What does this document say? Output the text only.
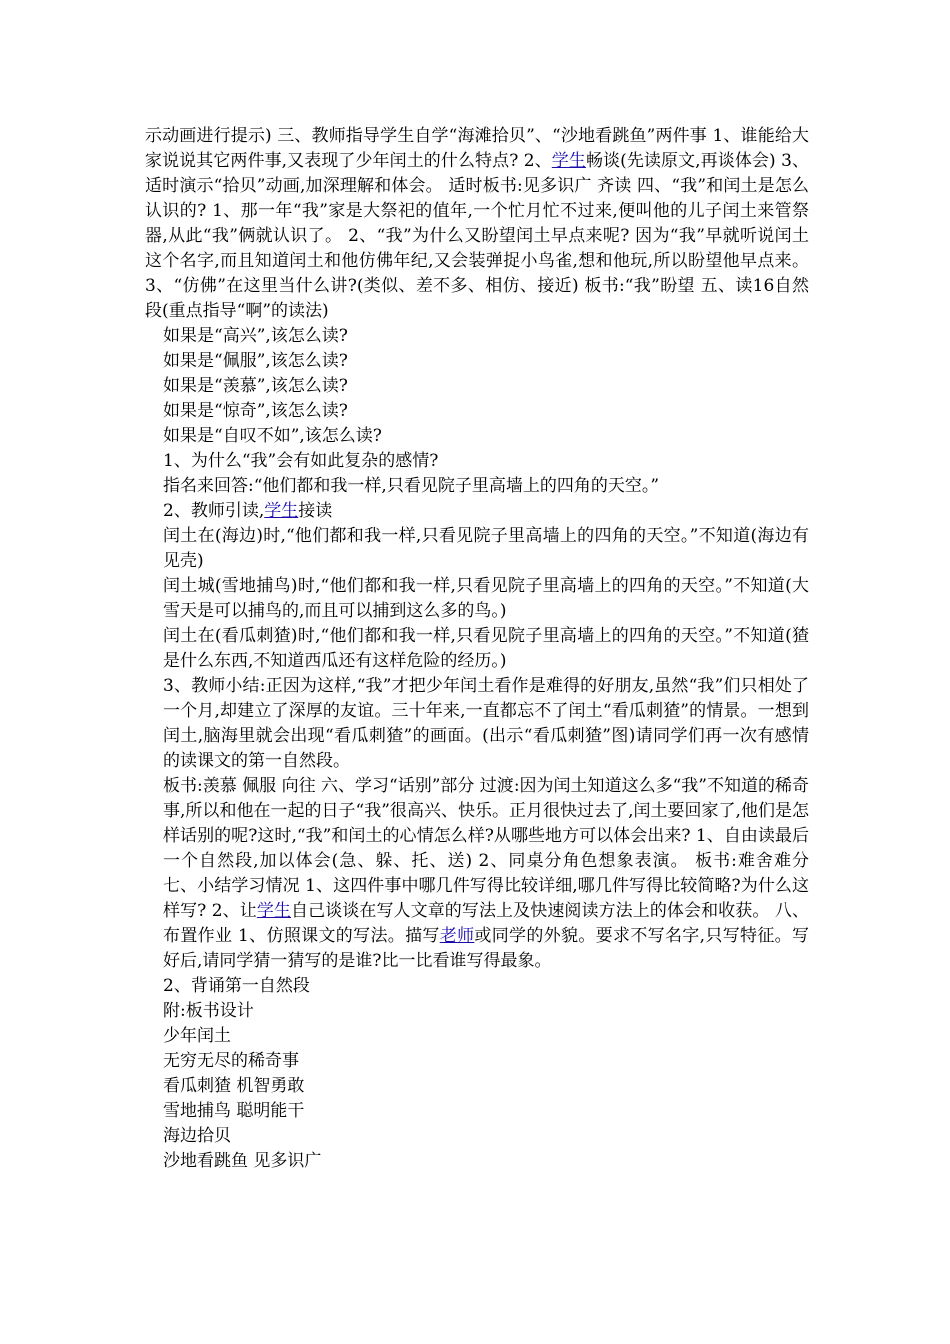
示动画进行提示) 三、教师指导学生自学“海滩拾贝”、“沙地看跳鱼”两件事 1、谁能给大家说说其它两件事,又表现了少年闰土的什么特点? 2、学生畅谈(先读原文,再谈体会) 3、适时演示“拾贝”动画,加深理解和体会。 适时板书:见多识广 齐读 四、“我”和闰土是怎么认识的? 1、那一年“我”家是大祭祀的值年,一个忙月忙不过来,便叫他的儿子闰土来管祭器,从此“我”俩就认识了。 2、“我”为什么又盼望闰土早点来呢? 因为“我”早就听说闰土这个名字,而且知道闰土和他仿佛年纪,又会装弹捉小鸟雀,想和他玩,所以盼望他早点来。 3、“仿佛”在这里当什么讲?(类似、差不多、相仿、接近) 板书:“我”盼望 五、读16自然段(重点指导“啊”的读法)

如果是“高兴”,该怎么读?

如果是“佩服”,该怎么读?

如果是“羡慕”,该怎么读?

如果是“惊奇”,该怎么读?

如果是“自叹不如”,该怎么读?

1、为什么“我”会有如此复杂的感情?

指名来回答:“他们都和我一样,只看见院子里高墙上的四角的天空。”

2、教师引读,学生接读

闰土在(海边)时,“他们都和我一样,只看见院子里高墙上的四角的天空。”不知道(海边有见壳)

闰土城(雪地捕鸟)时,“他们都和我一样,只看见院子里高墙上的四角的天空。”不知道(大雪天是可以捕鸟的,而且可以捕到这么多的鸟。)

闰土在(看瓜刺猹)时,“他们都和我一样,只看见院子里高墙上的四角的天空。”不知道(猹是什么东西,不知道西瓜还有这样危险的经历。)

3、教师小结:正因为这样,“我”才把少年闰土看作是难得的好朋友,虽然“我”们只相处了一个月,却建立了深厚的友谊。三十年来,一直都忘不了闰土“看瓜刺猹”的情景。一想到闰土,脑海里就会出现“看瓜刺猹”的画面。(出示“看瓜刺猹”图)请同学们再一次有感情的读课文的第一自然段。

板书:羡慕 佩服 向往 六、学习“话别”部分 过渡:因为闰土知道这么多“我”不知道的稀奇事,所以和他在一起的日子“我”很高兴、快乐。正月很快过去了,闰土要回家了,他们是怎样话别的呢?这时,“我”和闰土的心情怎么样?从哪些地方可以体会出来? 1、自由读最后一个自然段,加以体会(急、躲、托、送) 2、同桌分角色想象表演。 板书:难舍难分 七、小结学习情况 1、这四件事中哪几件写得比较详细,哪几件写得比较简略?为什么这样写? 2、让学生自己谈谈在写人文章的写法上及快速阅读方法上的体会和收获。 八、布置作业 1、仿照课文的写法。描写老师或同学的外貌。要求不写名字,只写特征。写好后,请同学猜一猜写的是谁?比一比看谁写得最象。

2、背诵第一自然段

附:板书设计

少年闰土

无穷无尽的稀奇事

看瓜刺猹 机智勇敢

雪地捕鸟 聪明能干

海边拾贝

沙地看跳鱼 见多识广
